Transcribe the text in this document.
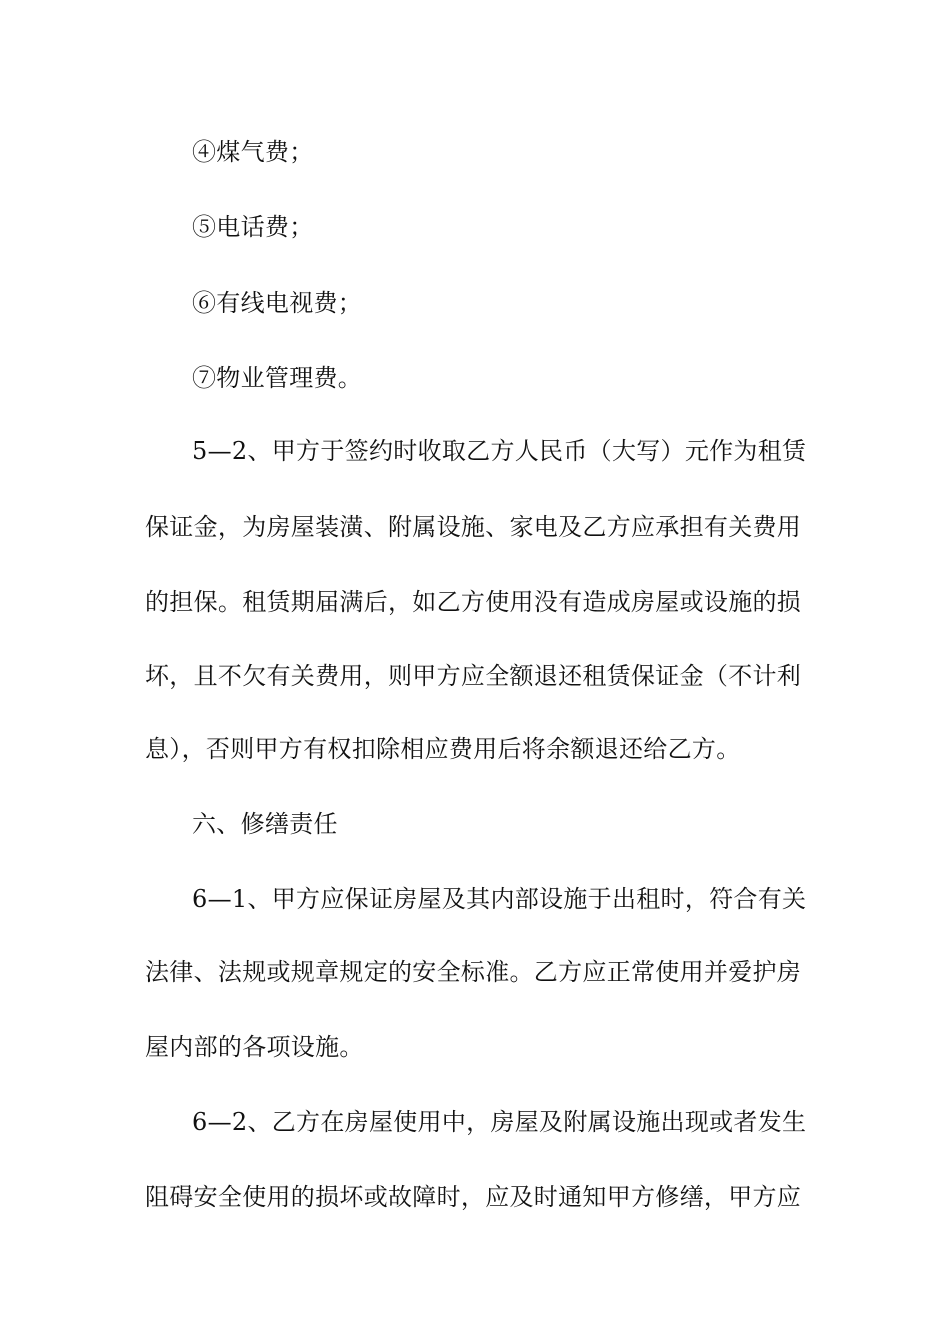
④煤气费；
⑤电话费；
⑥有线电视费；
⑦物业管理费。
5—2、甲方于签约时收取乙方人民币（大写）元作为租赁
保证金，为房屋装潢、附属设施、家电及乙方应承担有关费用
的担保。租赁期届满后，如乙方使用没有造成房屋或设施的损
坏，且不欠有关费用，则甲方应全额退还租赁保证金（不计利
息），否则甲方有权扣除相应费用后将余额退还给乙方。
六、修缮责任
6—1、甲方应保证房屋及其内部设施于出租时，符合有关
法律、法规或规章规定的安全标准。乙方应正常使用并爱护房
屋内部的各项设施。
6—2、乙方在房屋使用中，房屋及附属设施出现或者发生
阻碍安全使用的损坏或故障时，应及时通知甲方修缮，甲方应
